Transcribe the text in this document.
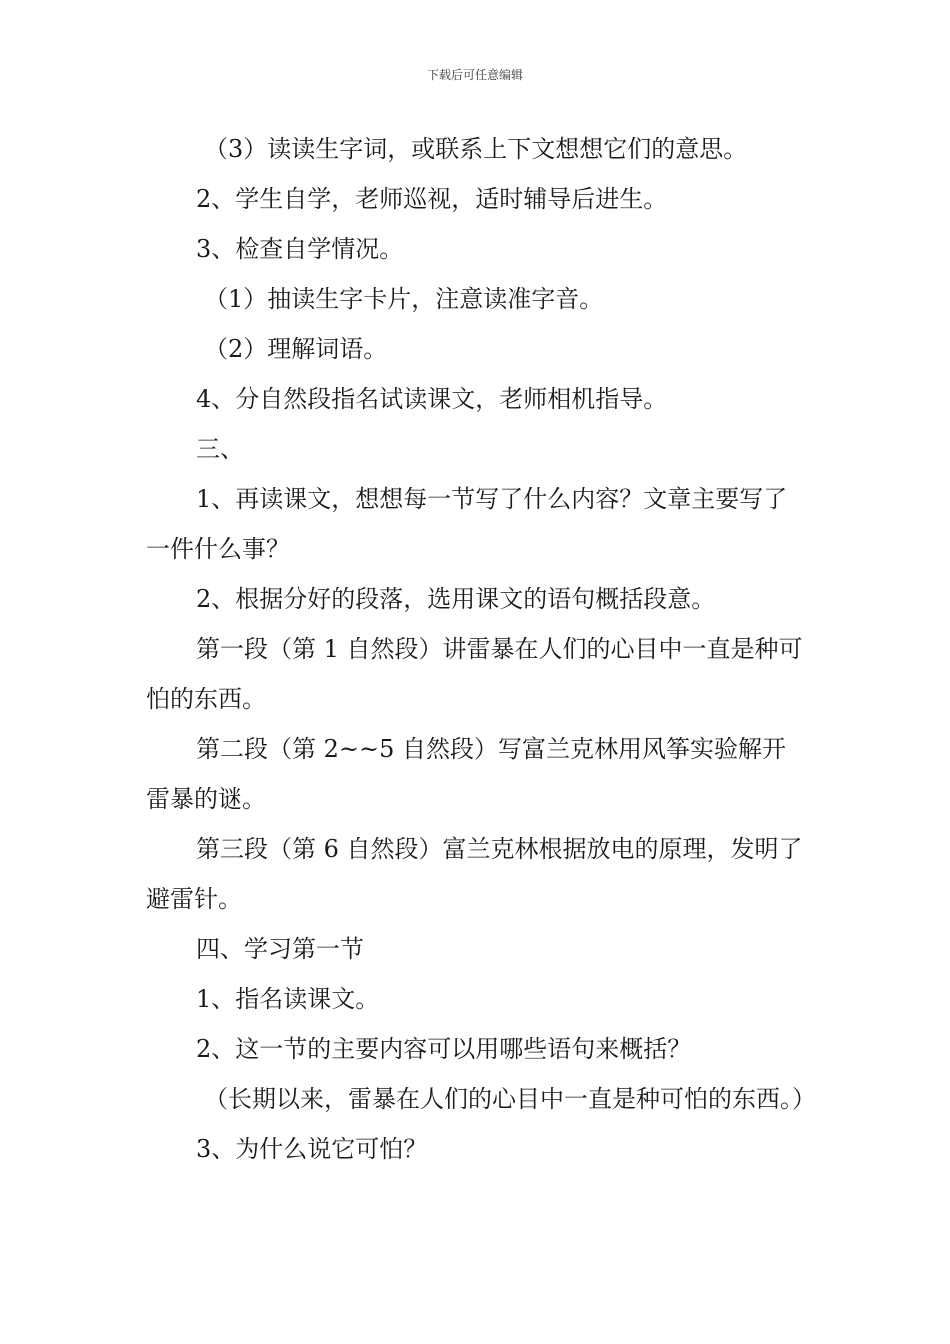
下载后可任意编辑

（3）读读生字词，或联系上下文想想它们的意思。

2、学生自学，老师巡视，适时辅导后进生。

3、检查自学情况。

（1）抽读生字卡片，注意读准字音。

（2）理解词语。

4、分自然段指名试读课文，老师相机指导。

三、

1、再读课文，想想每一节写了什么内容？文章主要写了一件什么事？

2、根据分好的段落，选用课文的语句概括段意。

第一段（第 1 自然段）讲雷暴在人们的心目中一直是种可怕的东西。

第二段（第 2~~5 自然段）写富兰克林用风筝实验解开雷暴的谜。

第三段（第 6 自然段）富兰克林根据放电的原理，发明了避雷针。

四、学习第一节

1、指名读课文。

2、这一节的主要内容可以用哪些语句来概括？

（长期以来，雷暴在人们的心目中一直是种可怕的东西。）

3、为什么说它可怕？
